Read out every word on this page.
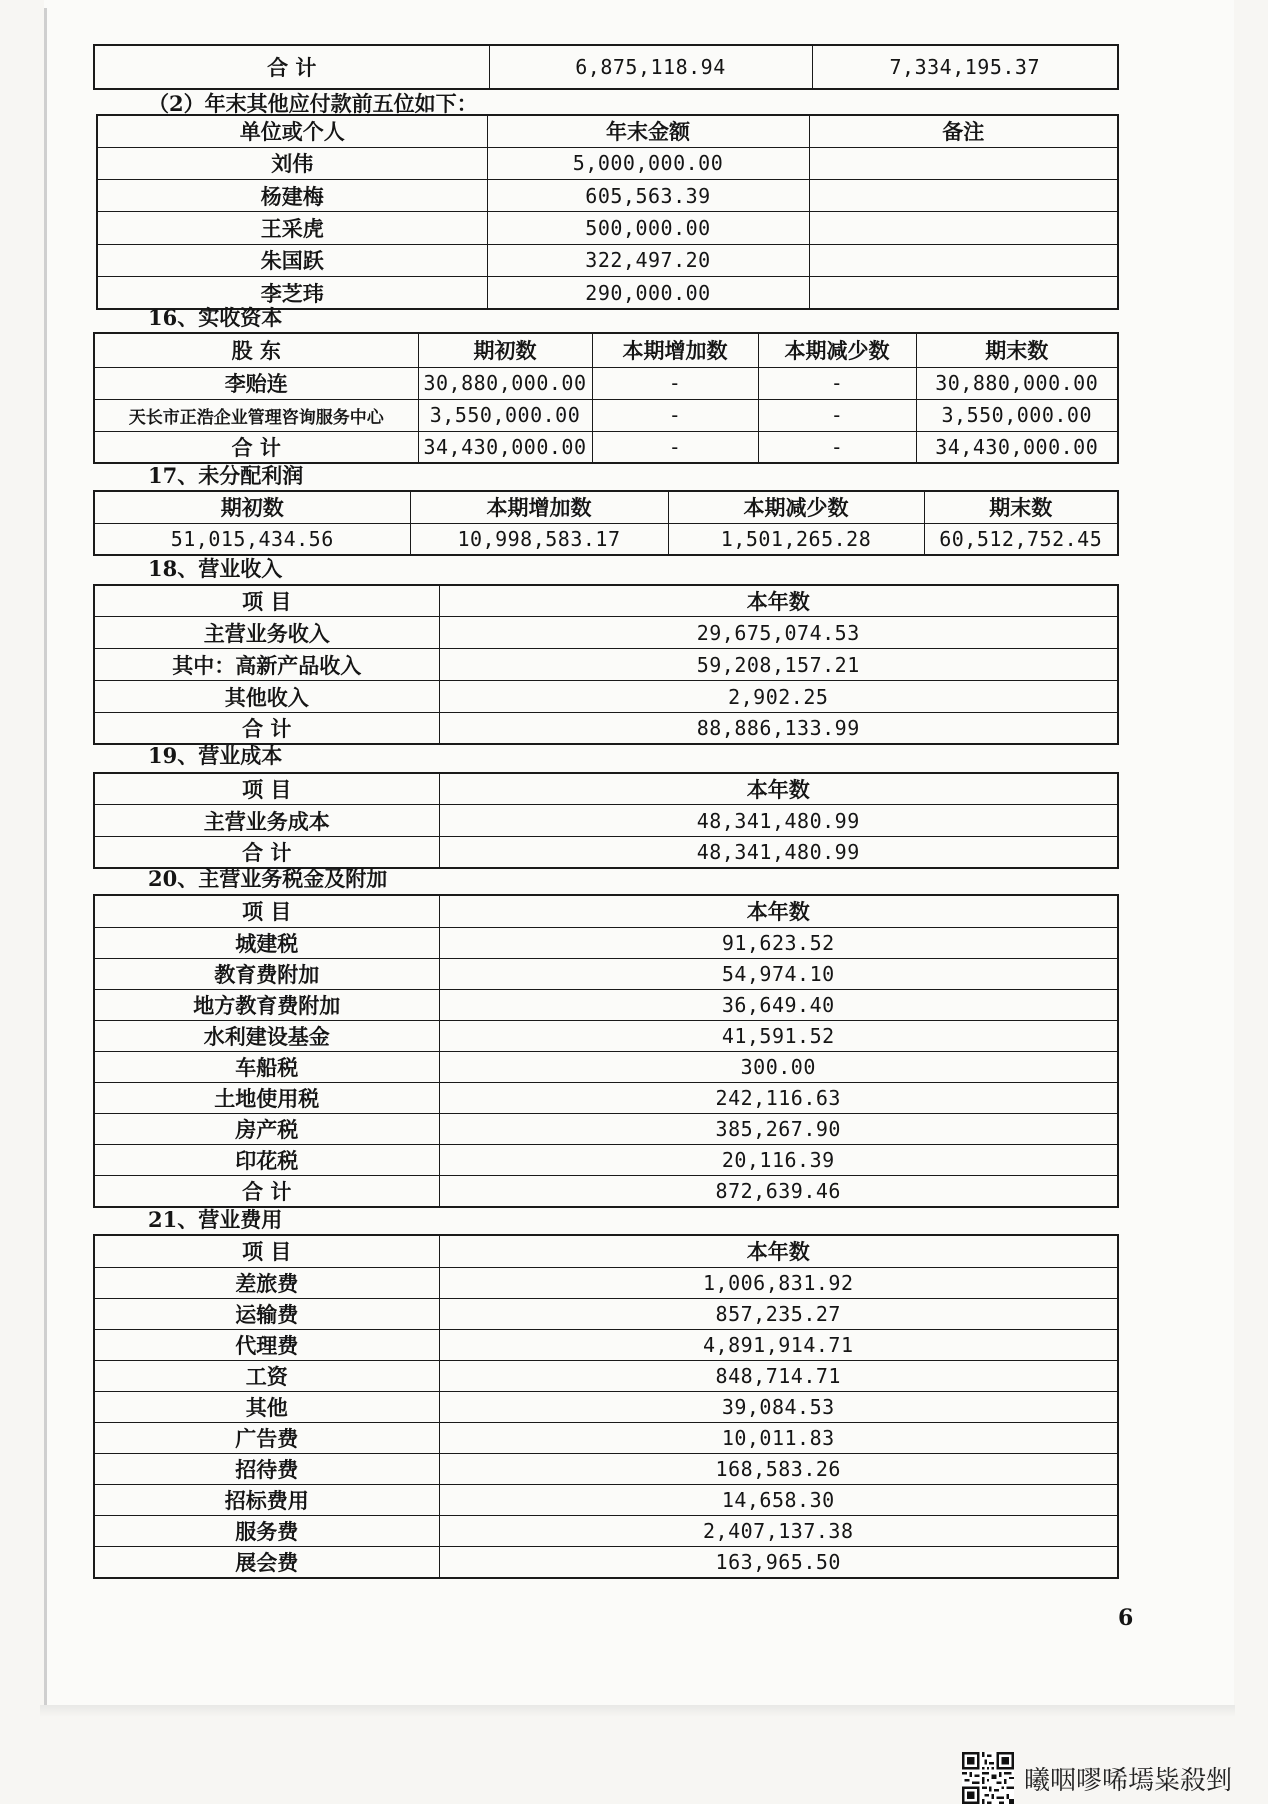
合 计	6,875,118.94	7,334,195.37
（2）年末其他应付款前五位如下：
单位或个人	年末金额	备注
刘伟	5,000,000.00	
杨建梅	605,563.39	
王采虎	500,000.00	
朱国跃	322,497.20	
李芝玮	290,000.00	
16、实收资本
股 东	期初数	本期增加数	本期减少数	期末数
李贻连	30,880,000.00	-	-	30,880,000.00
天长市正浩企业管理咨询服务中心	3,550,000.00	-	-	3,550,000.00
合 计	34,430,000.00	-	-	34,430,000.00
17、未分配利润
期初数	本期增加数	本期减少数	期末数
51,015,434.56	10,998,583.17	1,501,265.28	60,512,752.45
18、营业收入
项 目	本年数
主营业务收入	29,675,074.53
其中：高新产品收入	59,208,157.21
其他收入	2,902.25
合 计	88,886,133.99
19、营业成本
项 目	本年数
主营业务成本	48,341,480.99
合 计	48,341,480.99
20、主营业务税金及附加
项 目	本年数
城建税	91,623.52
教育费附加	54,974.10
地方教育费附加	36,649.40
水利建设基金	41,591.52
车船税	300.00
土地使用税	242,116.63
房产税	385,267.90
印花税	20,116.39
合 计	872,639.46
21、营业费用
项 目	本年数
差旅费	1,006,831.92
运输费	857,235.27
代理费	4,891,914.71
工资	848,714.71
其他	39,084.53
广告费	10,011.83
招待费	168,583.26
招标费用	14,658.30
服务费	2,407,137.38
展会费	163,965.50
6
曦咽嘐唏墕粊殺剉
